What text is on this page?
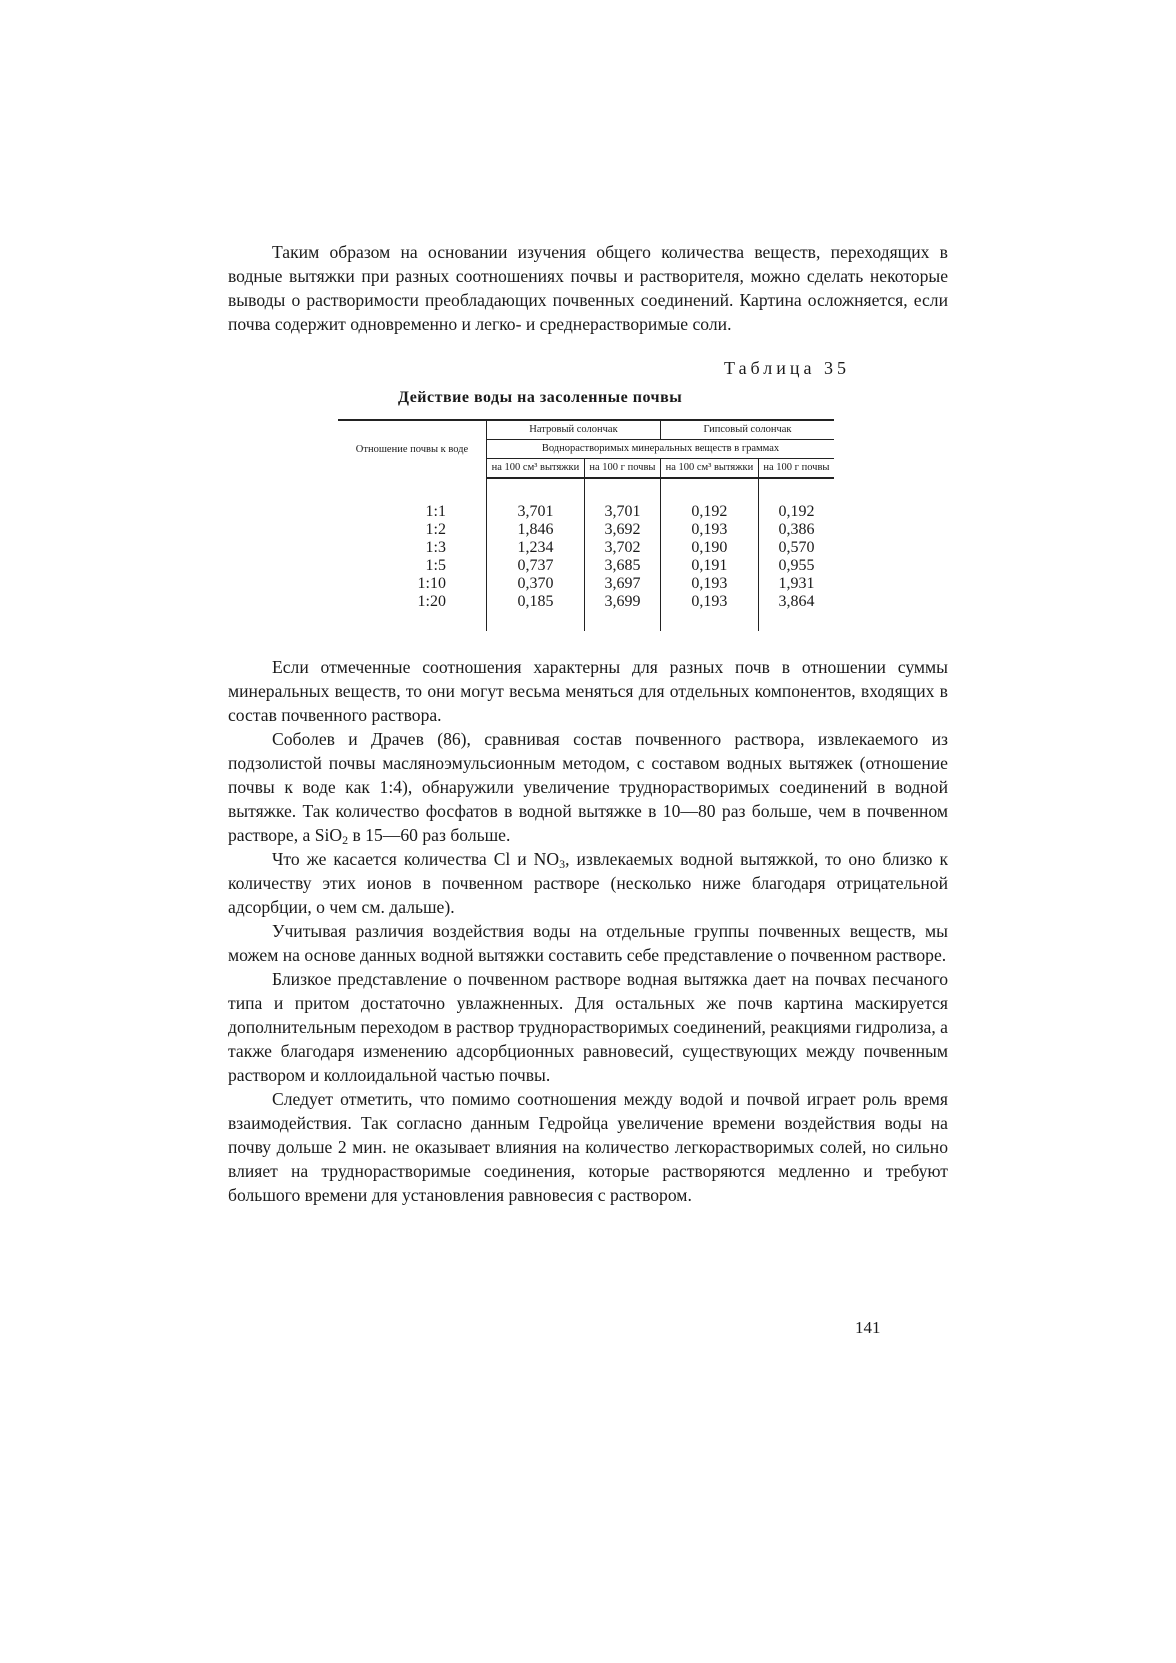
Таким образом на основании изучения общего количества веществ, переходящих в водные вытяжки при разных соотношениях почвы и растворителя, можно сделать некоторые выводы о растворимости преобладающих почвенных соединений. Картина осложняется, если почва содержит одновременно и легко- и среднерастворимые соли.

Таблица 35
Действие воды на засоленные почвы
Отношение почвы к воде	Натровый солончак		Гипсовый солончак	
	Воднорастворимых минеральных веществ в граммах			
	на 100 см³ вытяжки	на 100 г почвы	на 100 см³ вытяжки	на 100 г почвы
1:1	3,701	3,701	0,192	0,192
1:2	1,846	3,692	0,193	0,386
1:3	1,234	3,702	0,190	0,570
1:5	0,737	3,685	0,191	0,955
1:10	0,370	3,697	0,193	1,931
1:20	0,185	3,699	0,193	3,864

Если отмеченные соотношения характерны для разных почв в отношении суммы минеральных веществ, то они могут весьма меняться для отдельных компонентов, входящих в состав почвенного раствора.

Соболев и Драчев (86), сравнивая состав почвенного раствора, извлекаемого из подзолистой почвы масляноэмульсионным методом, с составом водных вытяжек (отношение почвы к воде как 1:4), обнаружили увеличение труднорастворимых соединений в водной вытяжке. Так количество фосфатов в водной вытяжке в 10—80 раз больше, чем в почвенном растворе, а SiO$_2$ в 15—60 раз больше.

Что же касается количества Cl и $NO_3$, извлекаемых водной вытяжкой, то оно близко к количеству этих ионов в почвенном растворе (несколько ниже благодаря отрицательной адсорбции, о чем см. дальше).

Учитывая различия воздействия воды на отдельные группы почвенных веществ, мы можем на основе данных водной вытяжки составить себе представление о почвенном растворе.

Близкое представление о почвенном растворе водная вытяжка дает на почвах песчаного типа и притом достаточно увлажненных. Для остальных же почв картина маскируется дополнительным переходом в раствор труднорастворимых соединений, реакциями гидролиза, а также благодаря изменению адсорбционных равновесий, существующих между почвенным раствором и коллоидальной частью почвы.

Следует отметить, что помимо соотношения между водой и почвой играет роль время взаимодействия. Так согласно данным Гедройца увеличение времени воздействия воды на почву дольше 2 мин. не оказывает влияния на количество легкорастворимых солей, но сильно влияет на труднорастворимые соединения, которые растворяются медленно и требуют большого времени для установления равновесия с раствором.

141
